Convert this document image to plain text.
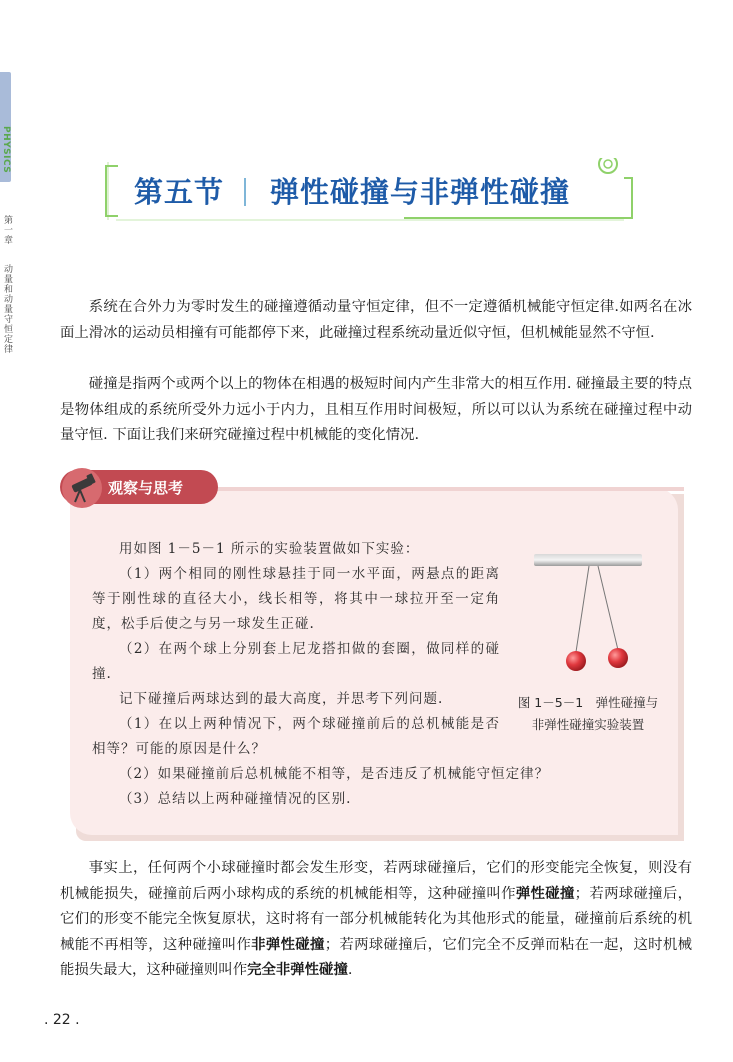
PHYSICS
第一章
动量和动量守恒定律
第五节 弹性碰撞与非弹性碰撞
系统在合外力为零时发生的碰撞遵循动量守恒定律，但不一定遵循机械能守恒定律.如两名在冰面上滑冰的运动员相撞有可能都停下来，此碰撞过程系统动量近似守恒，但机械能显然不守恒.
碰撞是指两个或两个以上的物体在相遇的极短时间内产生非常大的相互作用. 碰撞最主要的特点是物体组成的系统所受外力远小于内力，且相互作用时间极短，所以可以认为系统在碰撞过程中动量守恒. 下面让我们来研究碰撞过程中机械能的变化情况.
观察与思考
用如图 1－5－1 所示的实验装置做如下实验：
（1）两个相同的刚性球悬挂于同一水平面，两悬点的距离等于刚性球的直径大小，线长相等，将其中一球拉开至一定角度，松手后使之与另一球发生正碰.
（2）在两个球上分别套上尼龙搭扣做的套圈，做同样的碰撞.
记下碰撞后两球达到的最大高度，并思考下列问题.
（1）在以上两种情况下，两个球碰撞前后的总机械能是否相等？可能的原因是什么？
（2）如果碰撞前后总机械能不相等，是否违反了机械能守恒定律？
（3）总结以上两种碰撞情况的区别.
图 1－5－1　弹性碰撞与
非弹性碰撞实验装置
事实上，任何两个小球碰撞时都会发生形变，若两球碰撞后，它们的形变能完全恢复，则没有机械能损失，碰撞前后两小球构成的系统的机械能相等，这种碰撞叫作弹性碰撞；若两球碰撞后，它们的形变不能完全恢复原状，这时将有一部分机械能转化为其他形式的能量，碰撞前后系统的机械能不再相等，这种碰撞叫作非弹性碰撞；若两球碰撞后，它们完全不反弹而粘在一起，这时机械能损失最大，这种碰撞则叫作完全非弹性碰撞.
. 22 .
